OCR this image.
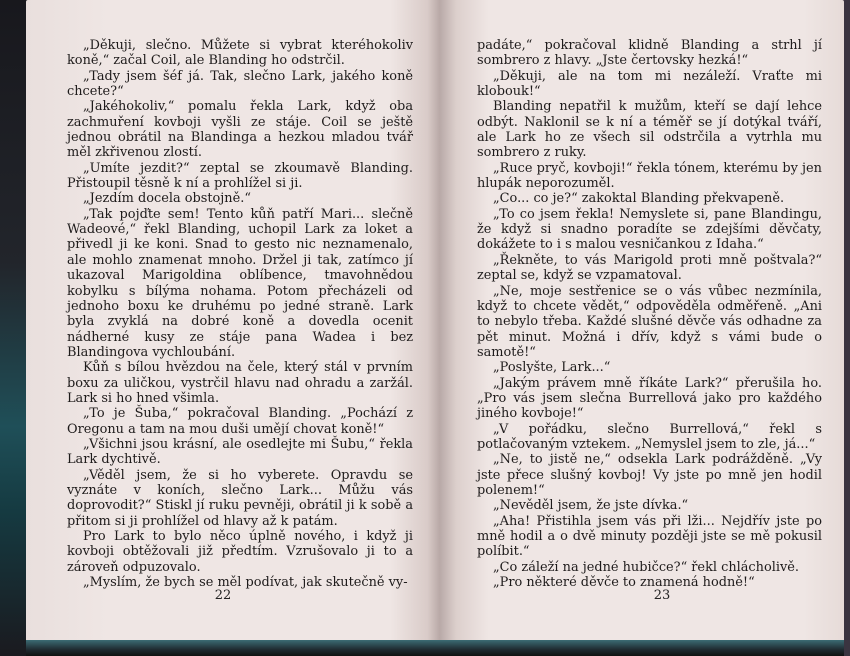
„Děkuji, slečno. Můžete si vybrat kteréhokoliv koně,“ začal Coil, ale Blanding ho odstrčil.

„Tady jsem šéf já. Tak, slečno Lark, jakého koně chcete?“

„Jakéhokoliv,“ pomalu řekla Lark, když oba zachmuření kovboji vyšli ze stáje. Coil se ještě jednou obrátil na Blandinga a hezkou mladou tvář měl zkřivenou zlostí.

„Umíte jezdit?“ zeptal se zkoumavě Blanding. Přistoupil těsně k ní a prohlížel si ji.

„Jezdím docela obstojně.“

„Tak pojďte sem! Tento kůň patří Mari... slečně Wadeové,“ řekl Blanding, uchopil Lark za loket a přivedl ji ke koni. Snad to gesto nic neznamenalo, ale mohlo znamenat mnoho. Držel ji tak, zatímco jí ukazoval Marigoldina oblíbence, tmavohnědou kobylku s bílýma nohama. Potom přecházeli od jednoho boxu ke druhému po jedné straně. Lark byla zvyklá na dobré koně a dovedla ocenit nádherné kusy ze stáje pana Wadea i bez Blandingova vychloubání.

Kůň s bílou hvězdou na čele, který stál v prvním boxu za uličkou, vystrčil hlavu nad ohradu a zaržál. Lark si ho hned všimla.

„To je Šuba,“ pokračoval Blanding. „Pochází z Oregonu a tam na mou duši umějí chovat koně!“

„Všichni jsou krásní, ale osedlejte mi Šubu,“ řekla Lark dychtivě.

„Věděl jsem, že si ho vyberete. Opravdu se vyznáte v koních, slečno Lark... Můžu vás doprovodit?“ Stiskl jí ruku pevněji, obrátil ji k sobě a přitom si ji prohlížel od hlavy až k patám.

Pro Lark to bylo něco úplně nového, i když ji kovboji obtěžovali již předtím. Vzrušovalo ji to a zároveň odpuzovalo.

„Myslím, že bych se měl podívat, jak skutečně vy-

22

padáte,“ pokračoval klidně Blanding a strhl jí sombrero z hlavy. „Jste čertovsky hezká!“

„Děkuji, ale na tom mi nezáleží. Vraťte mi klobouk!“

Blanding nepatřil k mužům, kteří se dají lehce odbýt. Naklonil se k ní a téměř se jí dotýkal tváří, ale Lark ho ze všech sil odstrčila a vytrhla mu sombrero z ruky.

„Ruce pryč, kovboji!“ řekla tónem, kterému by jen hlupák neporozuměl.

„Co... co je?“ zakoktal Blanding překvapeně.

„To co jsem řekla! Nemyslete si, pane Blandingu, že když si snadno poradíte se zdejšími děvčaty, dokážete to i s malou vesničankou z Idaha.“

„Řekněte, to vás Marigold proti mně poštvala?“ zeptal se, když se vzpamatoval.

„Ne, moje sestřenice se o vás vůbec nezmínila, když to chcete vědět,“ odpověděla odměřeně. „Ani to nebylo třeba. Každé slušné děvče vás odhadne za pět minut. Možná i dřív, když s vámi bude o samotě!“

„Poslyšte, Lark...“

„Jakým právem mně říkáte Lark?“ přerušila ho. „Pro vás jsem slečna Burrellová jako pro každého jiného kovboje!“

„V pořádku, slečno Burrellová,“ řekl s potlačovaným vztekem. „Nemyslel jsem to zle, já...“

„Ne, to jistě ne,“ odsekla Lark podrážděně. „Vy jste přece slušný kovboj! Vy jste po mně jen hodil polenem!“

„Nevěděl jsem, že jste dívka.“

„Aha! Přistihla jsem vás při lži... Nejdřív jste po mně hodil a o dvě minuty později jste se mě pokusil políbit.“

„Co záleží na jedné hubičce?“ řekl chlácholivě.

„Pro některé děvče to znamená hodně!“

23
